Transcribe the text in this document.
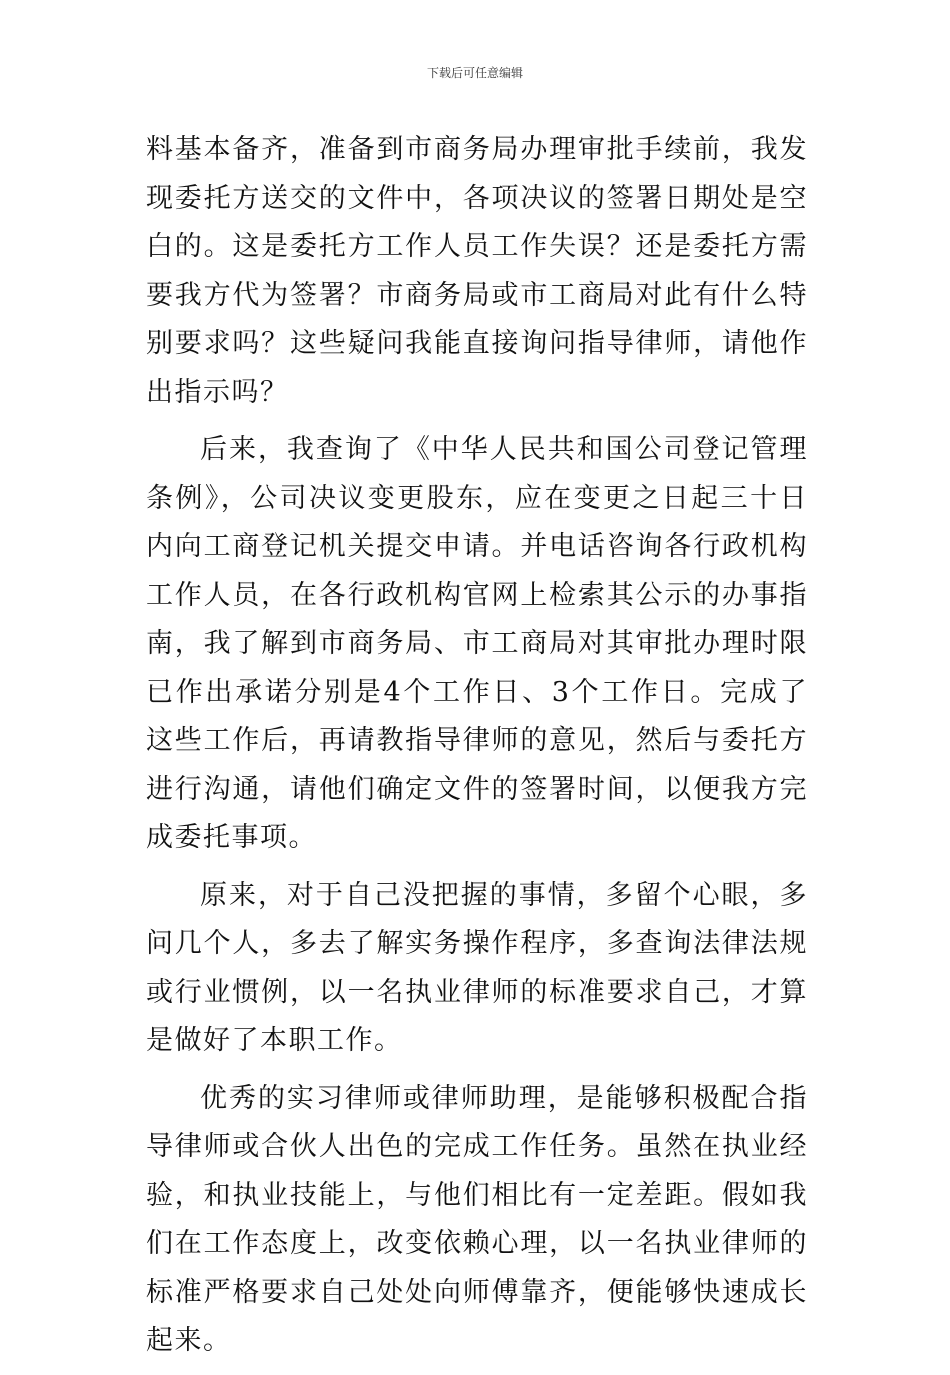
下载后可任意编辑

料基本备齐，准备到市商务局办理审批手续前，我发现委托方送交的文件中，各项决议的签署日期处是空白的。这是委托方工作人员工作失误？还是委托方需要我方代为签署？市商务局或市工商局对此有什么特别要求吗？这些疑问我能直接询问指导律师，请他作出指示吗？

后来，我查询了《中华人民共和国公司登记管理条例》，公司决议变更股东，应在变更之日起三十日内向工商登记机关提交申请。并电话咨询各行政机构工作人员，在各行政机构官网上检索其公示的办事指南，我了解到市商务局、市工商局对其审批办理时限已作出承诺分别是4个工作日、3个工作日。完成了这些工作后，再请教指导律师的意见，然后与委托方进行沟通，请他们确定文件的签署时间，以便我方完成委托事项。

原来，对于自己没把握的事情，多留个心眼，多问几个人，多去了解实务操作程序，多查询法律法规或行业惯例，以一名执业律师的标准要求自己，才算是做好了本职工作。

优秀的实习律师或律师助理，是能够积极配合指导律师或合伙人出色的完成工作任务。虽然在执业经验，和执业技能上，与他们相比有一定差距。假如我们在工作态度上，改变依赖心理，以一名执业律师的标准严格要求自己处处向师傅靠齐，便能够快速成长起来。
